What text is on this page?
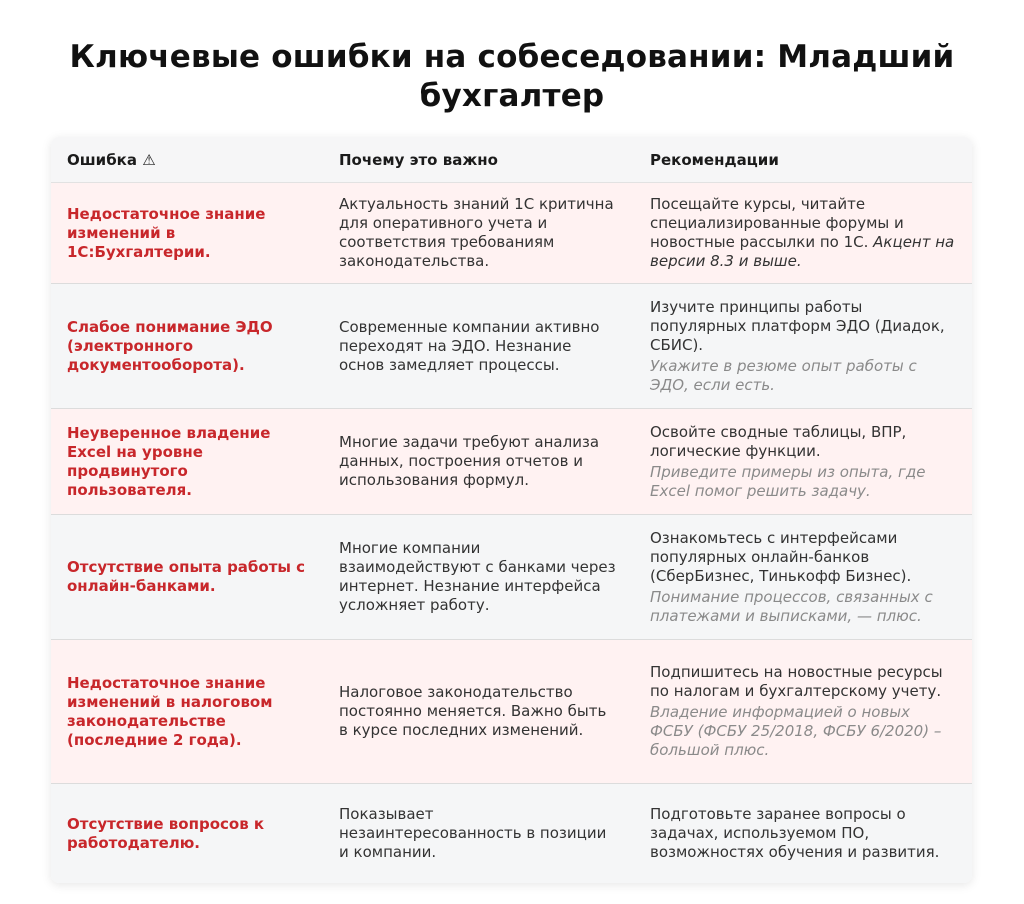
Ключевые ошибки на собеседовании: Младший бухгалтер
Ошибка ⚠	Почему это важно	Рекомендации
Недостаточное знание изменений в 1С:Бухгалтерии.	Актуальность знаний 1С критична для оперативного учета и соответствия требованиям законодательства.	Посещайте курсы, читайте специализированные форумы и новостные рассылки по 1С. Акцент на версии 8.3 и выше.
Слабое понимание ЭДО (электронного документооборота).	Современные компании активно переходят на ЭДО. Незнание основ замедляет процессы.	Изучите принципы работы популярных платформ ЭДО (Диадок, СБИС).
Укажите в резюме опыт работы с ЭДО, если есть.

Неуверенное владение Excel на уровне продвинутого пользователя.	Многие задачи требуют анализа данных, построения отчетов и использования формул.	Освойте сводные таблицы, ВПР, логические функции.
Приведите примеры из опыта, где Excel помог решить задачу.

Отсутствие опыта работы с онлайн-банками.	Многие компании взаимодействуют с банками через интернет. Незнание интерфейса усложняет работу.	Ознакомьтесь с интерфейсами популярных онлайн-банков (СберБизнес, Тинькофф Бизнес).
Понимание процессов, связанных с платежами и выписками, — плюс.

Недостаточное знание изменений в налоговом законодательстве (последние 2 года).	Налоговое законодательство постоянно меняется. Важно быть в курсе последних изменений.	Подпишитесь на новостные ресурсы по налогам и бухгалтерскому учету.
Владение информацией о новых ФСБУ (ФСБУ 25/2018, ФСБУ 6/2020) – большой плюс.

Отсутствие вопросов к работодателю.	Показывает незаинтересованность в позиции и компании.	Подготовьте заранее вопросы о задачах, используемом ПО, возможностях обучения и развития.
